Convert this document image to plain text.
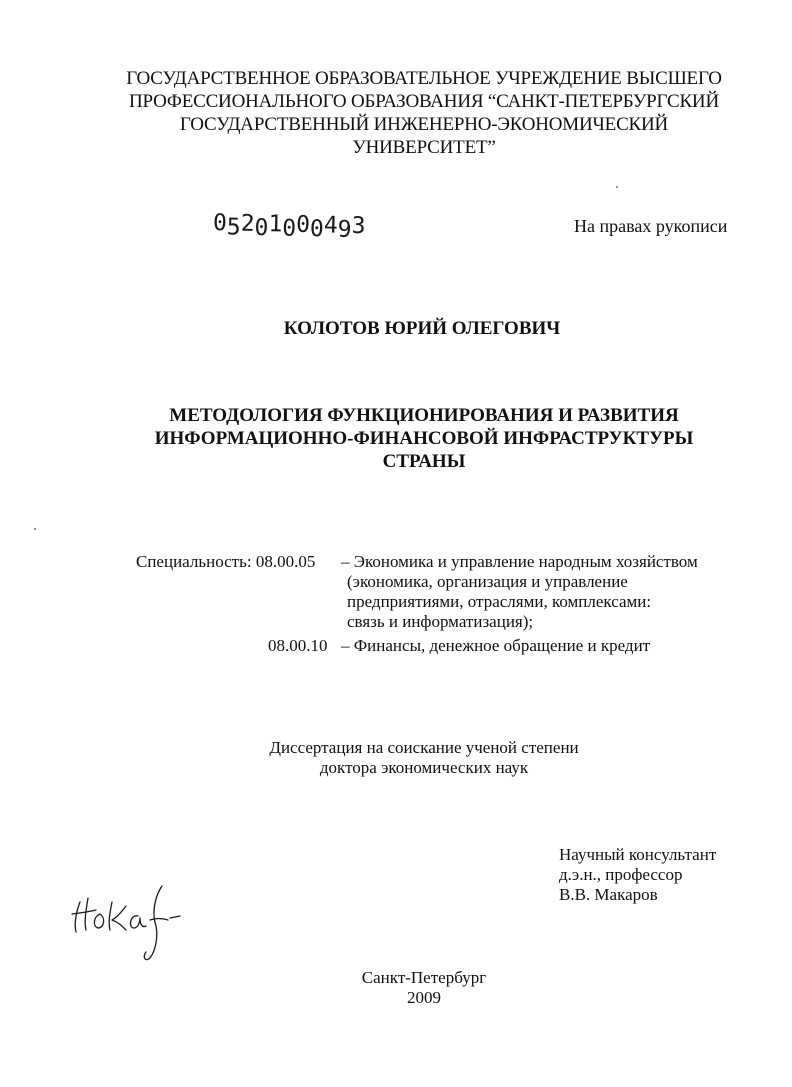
ГОСУДАРСТВЕННОЕ ОБРАЗОВАТЕЛЬНОЕ УЧРЕЖДЕНИЕ ВЫСШЕГО
ПРОФЕССИОНАЛЬНОГО ОБРАЗОВАНИЯ “САНКТ-ПЕТЕРБУРГСКИЙ
ГОСУДАРСТВЕННЫЙ ИНЖЕНЕРНО-ЭКОНОМИЧЕСКИЙ
УНИВЕРСИТЕТ”
05201000493	На правах рукописи
КОЛОТОВ ЮРИЙ ОЛЕГОВИЧ
МЕТОДОЛОГИЯ ФУНКЦИОНИРОВАНИЯ И РАЗВИТИЯ
ИНФОРМАЦИОННО-ФИНАНСОВОЙ ИНФРАСТРУКТУРЫ
СТРАНЫ
Специальность: 08.00.05 – Экономика и управление народным хозяйством
(экономика, организация и управление
предприятиями, отраслями, комплексами:
связь и информатизация);
08.00.10 – Финансы, денежное обращение и кредит
Диссертация на соискание ученой степени
доктора экономических наук
Научный консультант
д.э.н., профессор
В.В. Макаров
Санкт-Петербург
2009
